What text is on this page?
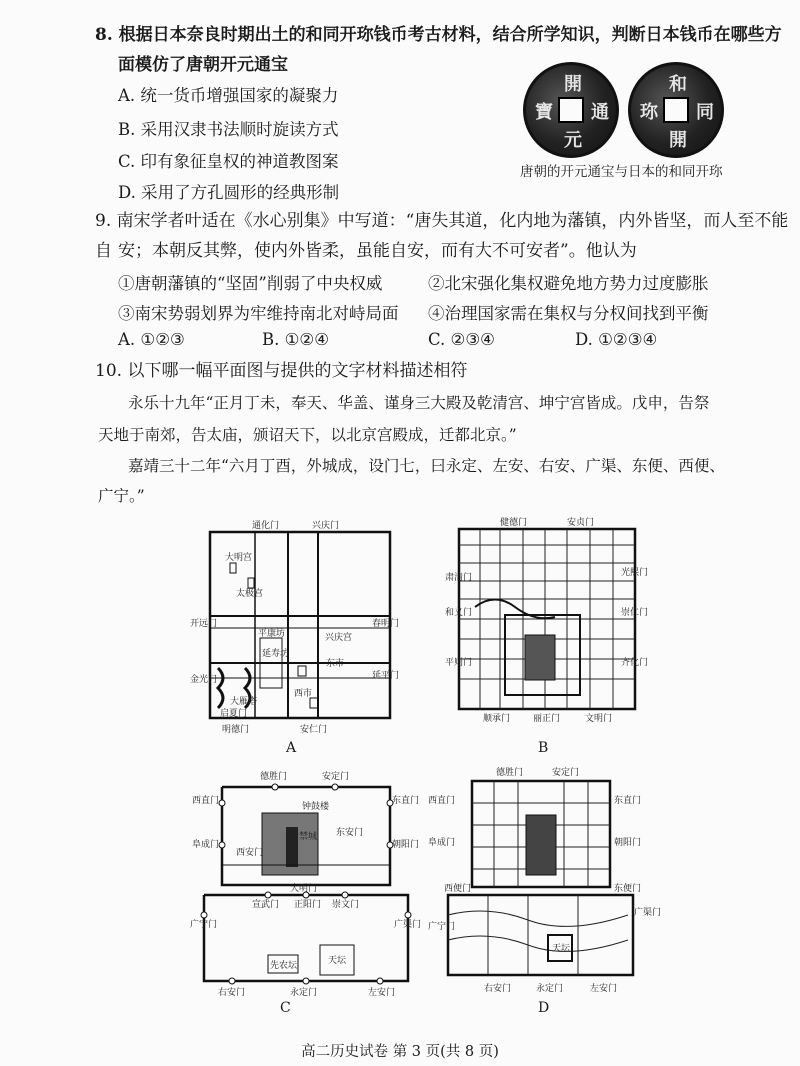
8. 根据日本奈良时期出土的和同开珎钱币考古材料，结合所学知识，判断日本钱币在哪些方
面模仿了唐朝开元通宝
A. 统一货币增强国家的凝聚力
B. 采用汉隶书法顺时旋读方式
C. 印有象征皇权的神道教图案
D. 采用了方孔圆形的经典形制
開
通
元
寶
和
同
開
珎
唐朝的开元通宝与日本的和同开珎
9. 南宋学者叶适在《水心别集》中写道：“唐失其道，化内地为藩镇，内外皆坚，而人至不能自 安；本朝反其弊，使内外皆柔，虽能自安，而有大不可安者”。他认为
①唐朝藩镇的“坚固”削弱了中央权威	②北宋强化集权避免地方势力过度膨胀
③南宋势弱划界为牢维持南北对峙局面 ④治理国家需在集权与分权间找到平衡
A. ①②③	B. ①②④	C. ②③④	D. ①②③④
10. 以下哪一幅平面图与提供的文字材料描述相符
永乐十九年“正月丁未，奉天、华盖、谨身三大殿及乾清宫、坤宁宫皆成。戊申，告祭
天地于南郊，告太庙，颁诏天下，以北京宫殿成，迁都北京。”
嘉靖三十二年“六月丁酉，外城成，设门七，曰永定、左安、右安、广渠、东便、西便、
广宁。”
通化门	兴庆门
大明宫
太极宫
开远门	春明门
平康坊	兴庆宫
延寿坊
金光门	延平门
东市
西市
大雁塔
启夏门
明德门	安仁门
A
健德门	安贞门
肃清门	光熙门
和义门	崇仁门
平则门	齐化门
顺承门	丽正门	文明门
B
德胜门	安定门
西直门	东直门
阜成门	朝阳门
钟鼓楼
紫禁城
西安门
东安门
大明门
宣武门 正阳门 崇文门
广宁门	广渠门
先农坛	天坛
右安门	永定门	左安门
C
德胜门	安定门
西直门	东直门
阜成门	朝阳门
西便门	东便门
广宁门
广渠门
天坛
右安门	永定门	左安门
D
高二历史试卷 第 3 页(共 8 页)
